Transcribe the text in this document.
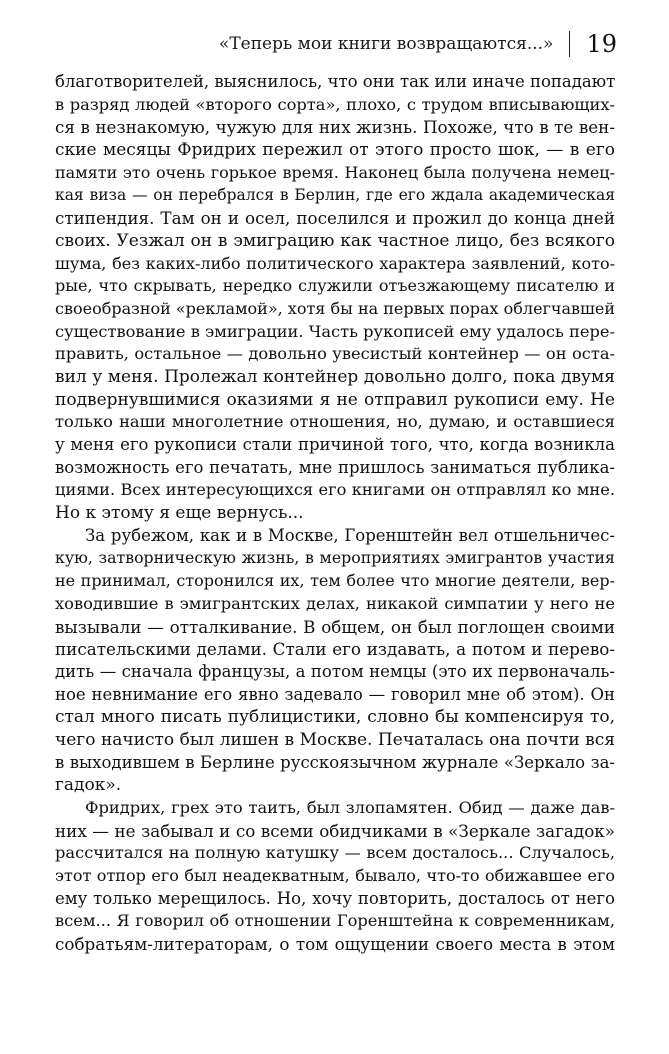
«Теперь мои книги возвращаются...»	19
благотворителей, выяснилось, что они так или иначе попадают
в разряд людей «второго сорта», плохо, с трудом вписывающих-
ся в незнакомую, чужую для них жизнь. Похоже, что в те вен-
ские месяцы Фридрих пережил от этого просто шок, — в его
памяти это очень горькое время. Наконец была получена немец-
кая виза — он перебрался в Берлин, где его ждала академическая
стипендия. Там он и осел, поселился и прожил до конца дней
своих. Уезжал он в эмиграцию как частное лицо, без всякого
шума, без каких-либо политического характера заявлений, кото-
рые, что скрывать, нередко служили отъезжающему писателю и
своеобразной «рекламой», хотя бы на первых порах облегчавшей
существование в эмиграции. Часть рукописей ему удалось пере-
править, остальное — довольно увесистый контейнер — он оста-
вил у меня. Пролежал контейнер довольно долго, пока двумя
подвернувшимися оказиями я не отправил рукописи ему. Не
только наши многолетние отношения, но, думаю, и оставшиеся
у меня его рукописи стали причиной того, что, когда возникла
возможность его печатать, мне пришлось заниматься публика-
циями. Всех интересующихся его книгами он отправлял ко мне.
Но к этому я еще вернусь...
За рубежом, как и в Москве, Горенштейн вел отшельничес-
кую, затворническую жизнь, в мероприятиях эмигрантов участия
не принимал, сторонился их, тем более что многие деятели, вер-
ховодившие в эмигрантских делах, никакой симпатии у него не
вызывали — отталкивание. В общем, он был поглощен своими
писательскими делами. Стали его издавать, а потом и перево-
дить — сначала французы, а потом немцы (это их первоначаль-
ное невнимание его явно задевало — говорил мне об этом). Он
стал много писать публицистики, словно бы компенсируя то,
чего начисто был лишен в Москве. Печаталась она почти вся
в выходившем в Берлине русскоязычном журнале «Зеркало за-
гадок».
Фридрих, грех это таить, был злопамятен. Обид — даже дав-
них — не забывал и со всеми обидчиками в «Зеркале загадок»
рассчитался на полную катушку — всем досталось... Случалось,
этот отпор его был неадекватным, бывало, что-то обижавшее его
ему только мерещилось. Но, хочу повторить, досталось от него
всем... Я говорил об отношении Горенштейна к современникам,
собратьям-литераторам, о том ощущении своего места в этом
